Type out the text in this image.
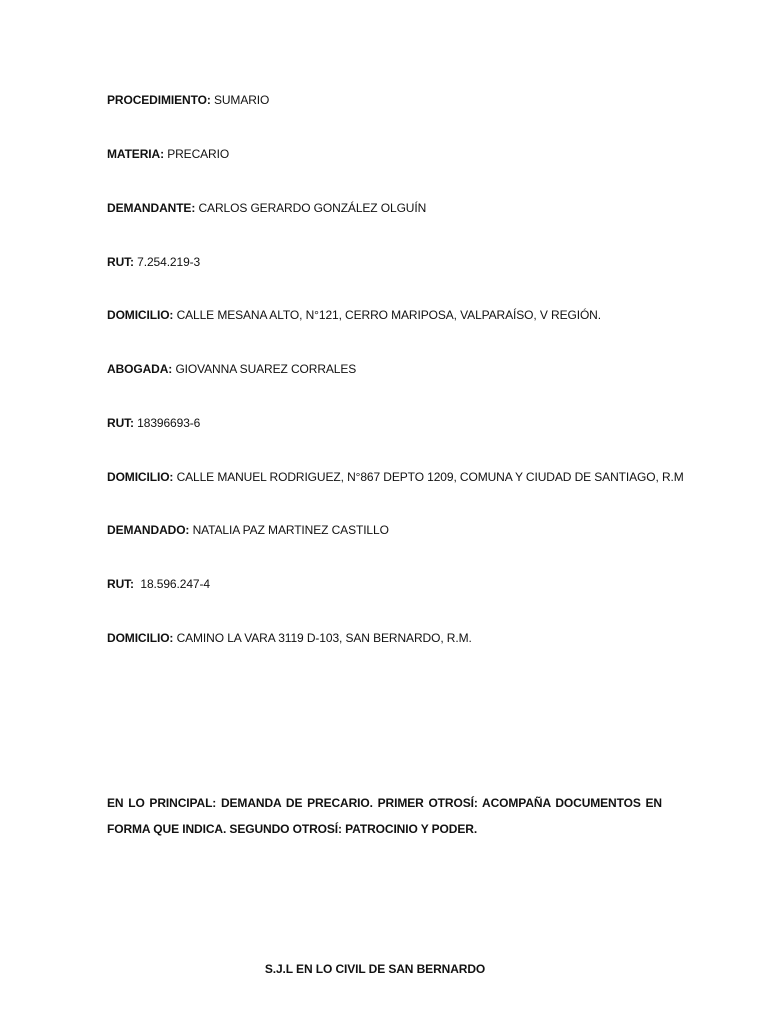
PROCEDIMIENTO: SUMARIO
MATERIA: PRECARIO
DEMANDANTE: CARLOS GERARDO GONZÁLEZ OLGUÍN
RUT: 7.254.219-3
DOMICILIO: CALLE MESANA ALTO, N°121, CERRO MARIPOSA, VALPARAÍSO, V REGIÓN.
ABOGADA: GIOVANNA SUAREZ CORRALES
RUT: 18396693-6
DOMICILIO: CALLE MANUEL RODRIGUEZ, N°867 DEPTO 1209, COMUNA Y CIUDAD DE SANTIAGO, R.M
DEMANDADO: NATALIA PAZ MARTINEZ CASTILLO
RUT:  18.596.247-4
DOMICILIO: CAMINO LA VARA 3119 D-103, SAN BERNARDO, R.M.

EN LO PRINCIPAL: DEMANDA DE PRECARIO. PRIMER OTROSÍ: ACOMPAÑA DOCUMENTOS EN FORMA QUE INDICA. SEGUNDO OTROSÍ: PATROCINIO Y PODER.

S.J.L EN LO CIVIL DE SAN BERNARDO
